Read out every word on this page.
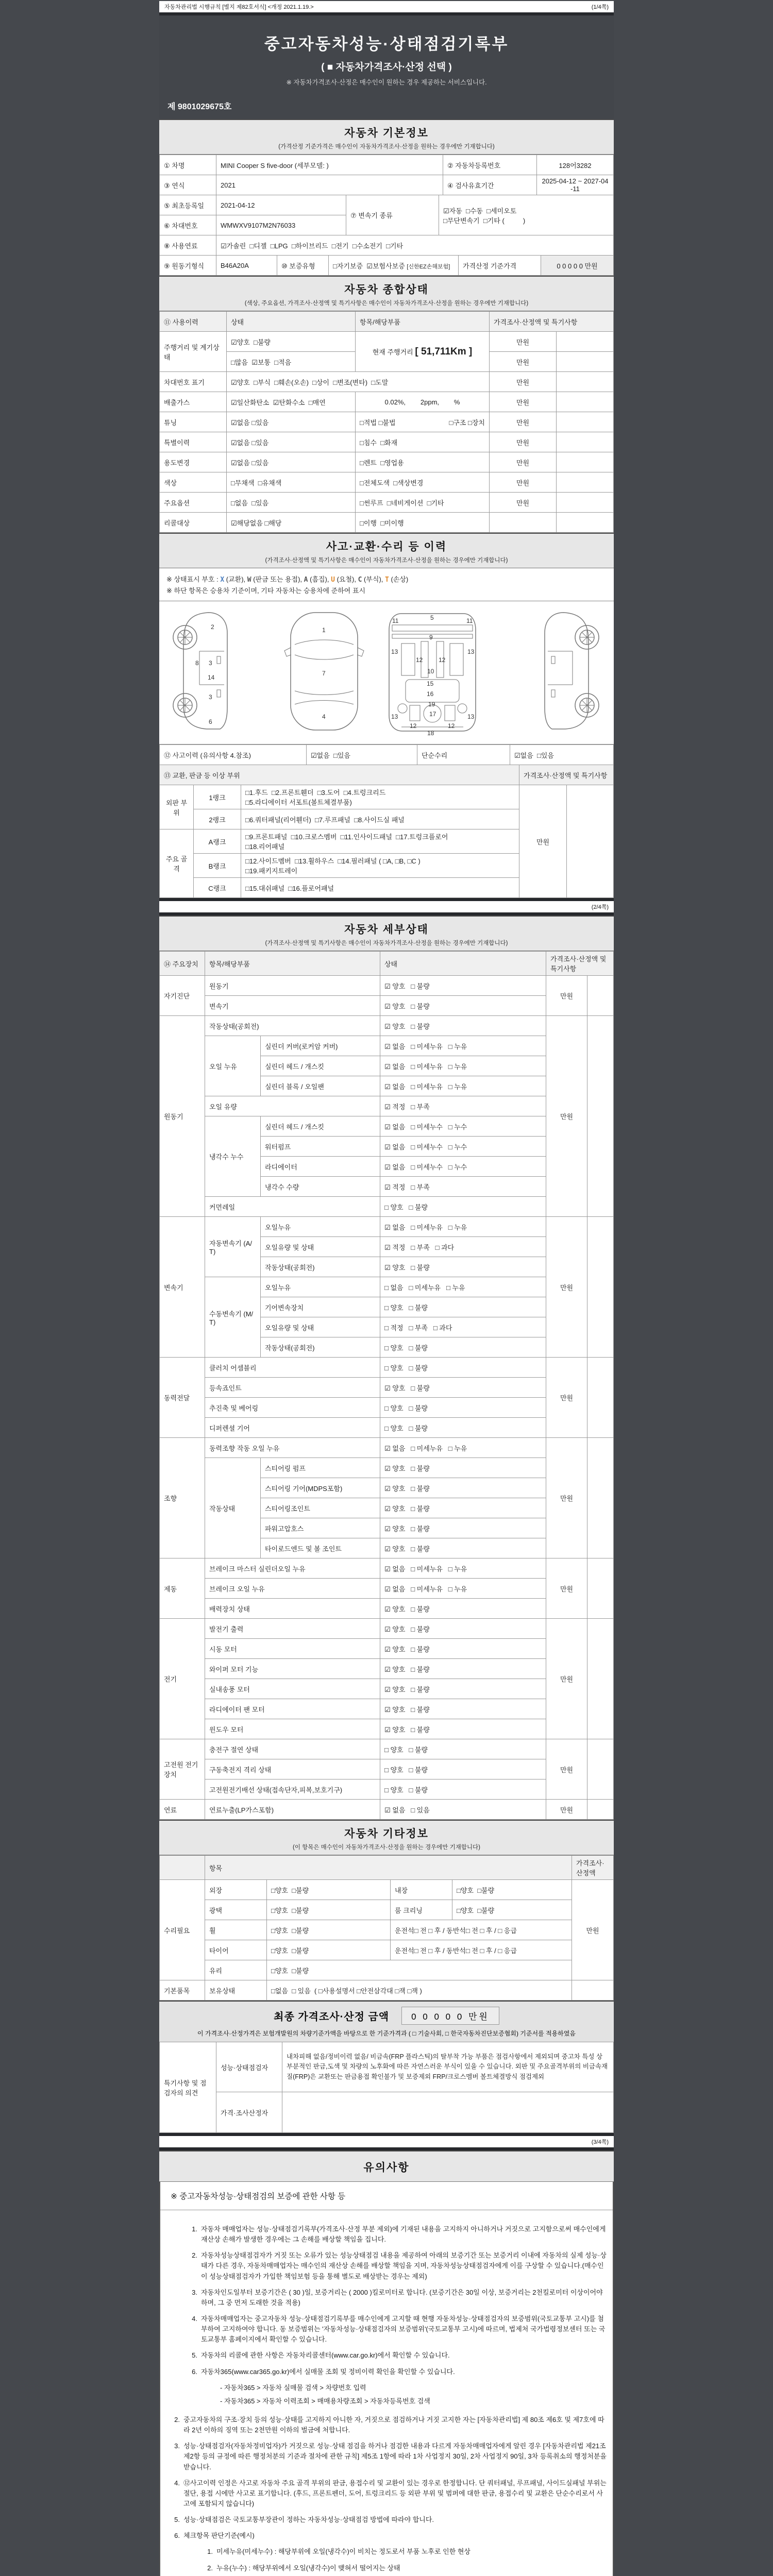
자동차관리법 시행규칙 [별지 제82호서식] <개정 2021.1.19.>	(1/4쪽)
중고자동차성능·상태점검기록부
( ■ 자동차가격조사·산정 선택 )
※ 자동차가격조사·산정은 매수인이 원하는 경우 제공하는 서비스입니다.
제 9801029675호
자동차 기본정보
(가격산정 기준가격은 매수인이 자동차가격조사·산정을 원하는 경우에만 기재합니다)
① 차명	MINI Cooper S five-door (세부모델: )	② 자동차등록번호	128어3282
③ 연식	2021	④ 검사유효기간	2025-04-12 ~ 2027-04-11
⑤ 최초등록일	2021-04-12	⑦ 변속기 종류	☑자동  □수동  □세미오토
□무단변속기  □기타 (          )
⑥ 차대번호	WMWXV9107M2N76033		
⑧ 사용연료	☑가솔린  □디젤  □LPG  □하이브리드  □전기  □수소전기  □기타
⑨ 원동기형식	B46A20A	⑩ 보증유형	□자기보증  ☑보험사보증 [신한EZ손해보험]	가격산정 기준가격	0 0 0 0 0 만원
자동차 종합상태
(색상, 주요옵션, 가격조사·산정액 및 특기사항은 매수인이 자동차가격조사·산정을 원하는 경우에만 기재합니다)
⑪ 사용이력	상태	항목/해당부품	가격조사·산정액 및 특기사항	
주행거리 및 계기상태	☑양호  □불량	현재 주행거리 [ 51,711Km ]	만원	
	□많음  ☑보통  □적음		만원	
차대번호 표기	☑양호  □부식  □훼손(오손)  □상이  □변조(변타)  □도말		만원	
배출가스	☑일산화탄소  ☑탄화수소  □매연	0.02%,        2ppm,        %	만원	
튜닝	☑없음 □있음	□적법 □불법 □구조 □장치	만원	
특별이력	☑없음 □있음	□침수  □화재	만원	
용도변경	☑없음 □있음	□렌트  □영업용	만원	
색상	□무채색  □유채색	□전체도색  □색상변경	만원	
주요옵션	□없음  □있음	□썬루프  □네비게이션  □기타	만원	
리콜대상	☑해당없음 □해당	□이행  □미이행		
사고·교환·수리 등 이력
(가격조사·산정액 및 특기사항은 매수인이 자동차가격조사·산정을 원하는 경우에만 기재합니다)
※ 상태표시 부호 : X (교환), W (판금 또는 용접), A (흠집), U (요철), C (부식), T (손상)
※ 하단 항목은 승용차 기준이며, 기타 자동차는 승용차에 준하여 표시
2
8 3
14
3
6
1
7
4
5
11	11
9
13	13
12	12
10
15
16
19
13	13
12	12
17
18
⑫ 사고이력 (유의사항 4.참조)	☑없음  □있음	단순수리	☑없음  □있음
⑬ 교환, 판금 등 이상 부위			가격조사·산정액 및 특기사항	
외판 부위	1랭크	□1.후드  □2.프론트휀더  □3.도어  □4.트렁크리드
□5.라디에이터 서포트(볼트체결부품)	만원	
	2랭크	□6.쿼터패널(리어휀더)  □7.루프패널  □8.사이드실 패널		
주요 골격	A랭크	□9.프론트패널  □10.크로스멤버  □11.인사이드패널  □17.트렁크플로어
□18.리어패널		
	B랭크	□12.사이드멤버  □13.휠하우스  □14.필러패널 ( □A, □B, □C )
□19.패키지트레이		
	C랭크	□15.대쉬패널  □16.플로어패널		
(2/4쪽)
자동차 세부상태
(가격조사·산정액 및 특기사항은 매수인이 자동차가격조사·산정을 원하는 경우에만 기재합니다)
⑭ 주요장치	항목/해당부품		상태	가격조사·산정액 및 특기사항	
자기진단	원동기		☑ 양호   □ 불량	만원	
	변속기		☑ 양호   □ 불량		
원동기	작동상태(공회전)		☑ 양호   □ 불량	만원	
	오일 누유	실린더 커버(로커암 커버)	☑ 없음   □ 미세누유   □ 누유		
		실린더 헤드 / 개스킷	☑ 없음   □ 미세누유   □ 누유		
		실린더 블록 / 오일팬	☑ 없음   □ 미세누유   □ 누유		
	오일 유량		☑ 적정   □ 부족		
	냉각수 누수	실린더 헤드 / 개스킷	☑ 없음   □ 미세누수   □ 누수		
		워터펌프	☑ 없음   □ 미세누수   □ 누수		
		라디에이터	☑ 없음   □ 미세누수   □ 누수		
		냉각수 수량	☑ 적정   □ 부족		
	커먼레일		□ 양호   □ 불량		
변속기	자동변속기 (A/T)	오일누유	☑ 없음   □ 미세누유   □ 누유	만원	
		오일유량 및 상태	☑ 적정   □ 부족   □ 과다		
		작동상태(공회전)	☑ 양호   □ 불량		
	수동변속기 (M/T)	오일누유	□ 없음   □ 미세누유   □ 누유		
		기어변속장치	□ 양호   □ 불량		
		오일유량 및 상태	□ 적정   □ 부족   □ 과다		
		작동상태(공회전)	□ 양호   □ 불량		
동력전달	클러치 어셈블리		□ 양호   □ 불량	만원	
	등속죠인트		☑ 양호   □ 불량		
	추진축 및 베어링		□ 양호   □ 불량		
	디퍼렌셜 기어		□ 양호   □ 불량		
조향	동력조향 작동 오일 누유		☑ 없음   □ 미세누유   □ 누유	만원	
	작동상태	스티어링 펌프	☑ 양호   □ 불량		
		스티어링 기어(MDPS포함)	☑ 양호   □ 불량		
		스티어링조인트	☑ 양호   □ 불량		
		파워고압호스	☑ 양호   □ 불량		
		타이로드엔드 및 볼 조인트	☑ 양호   □ 불량		
제동	브레이크 마스터 실린더오일 누유		☑ 없음   □ 미세누유   □ 누유	만원	
	브레이크 오일 누유		☑ 없음   □ 미세누유   □ 누유		
	배력장치 상태		☑ 양호   □ 불량		
전기	발전기 출력		☑ 양호   □ 불량	만원	
	시동 모터		☑ 양호   □ 불량		
	와이퍼 모터 기능		☑ 양호   □ 불량		
	실내송풍 모터		☑ 양호   □ 불량		
	라디에이터 팬 모터		☑ 양호   □ 불량		
	윈도우 모터		☑ 양호   □ 불량		
고전원 전기장치	충전구 절연 상태		□ 양호   □ 불량	만원	
	구동축전지 격리 상태		□ 양호   □ 불량		
	고전원전기배선 상태(접속단자,피복,보호기구)		□ 양호   □ 불량		
연료	연료누출(LP가스포함)		☑ 없음   □ 있음	만원	
자동차 기타정보
(이 항목은 매수인이 자동차가격조사·산정을 원하는 경우에만 기재합니다)
	항목				가격조사·산정액
수리필요	외장	□양호  □불량	내장	□양호  □불량	만원
	광택	□양호  □불량	룸 크리닝	□양호  □불량	
	휠	□양호  □불량	운전석□ 전 □ 후 / 동반석□ 전 □ 후 / □ 응급		
	타이어	□양호  □불량	운전석□ 전 □ 후 / 동반석□ 전 □ 후 / □ 응급		
	유리	□양호  □불량			
기본품목	보유상태	□없음  □ 있음  ( □사용설명서 □안전삼각대 □잭 □잭 )			
최종 가격조사·산정 금액	0 0 0 0 0 만원
이 가격조사·산정가격은 보험개발원의 차량기준가액을 바탕으로 한 기준가격과 ( □ 기술사회, □ 한국자동차진단보증협회) 기준서를 적용하였음
특기사항 및 점검자의 의견	성능·상태점검자	내차피해 없음/정비이력 없음/ 비금속(FRP 플라스틱)의 탈부착 가능 부품은 점검사항에서 제외되며 중고차 특성 상 부분적인 판금,도색 및 차량의 노후화에 따른 자연스러운 부식이 있을 수 있습니다. 외판 및 주요골격부위의 비금속재질(FRP)은 교환또는 판금용접 확인불가 및 보증제외 FRP/크로스멤버 볼트체결방식 점검제외
	가격·조사산정자	
(3/4쪽)
유의사항
※ 중고자동차성능·상태점검의 보증에 관한 사항 등
1. 자동차 매매업자는 성능·상태점검기록부(가격조사·산정 부분 제외)에 기재된 내용을 고지하지 아니하거나 거짓으로 고지함으로써 매수인에게 재산상 손해가 발생한 경우에는 그 손해를 배상할 책임을 집니다.
2. 자동차성능상태점검자가 거짓 또는 오류가 있는 성능상태점검 내용을 제공하여 아래의 보증기간 또는 보증거리 이내에 자동차의 실제 성능·상태가 다른 경우, 자동차매매업자는 매수인의 재산상 손해를 배상할 책임을 지며, 자동차성능상태점검자에게 이를 구상할 수 있습니다.(매수인이 성능상태점검자가 가입한 책임보험 등을 통해 별도로 배상받는 경우는 제외)
3. 자동차인도일부터 보증기간은 ( 30 )일, 보증거리는 ( 2000 )킬로미터로 합니다. (보증기간은 30일 이상, 보증거리는 2천킬로미터 이상이어야 하며, 그 중 먼저 도래한 것을 적용)
4. 자동차매매업자는 중고자동차 성능·상태점검기록부를 매수인에게 고지할 때 현행 자동차성능·상태점검자의 보증범위(국토교통부 고시)를 첨부하여 고지하여야 합니다. 동 보증범위는 '자동차성능·상태점검자의 보증범위'(국토교통부 고시)에 따르며, 법제처 국가법령정보센터 또는 국토교통부 홈페이지에서 확인할 수 있습니다.
5. 자동차의 리콜에 관한 사항은 자동차리콜센터(www.car.go.kr)에서 확인할 수 있습니다.
6. 자동차365(www.car365.go.kr)에서 실매물 조회 및 정비이력 확인을 확인할 수 있습니다.
- 자동차365 > 자동차 실매물 검색 > 차량번호 입력
- 자동차365 > 자동차 이력조회 > 매매용차량조회 > 자동차등록번호 검색
2. 중고자동차의 구조·장치 등의 성능·상태를 고지하지 아니한 자, 거짓으로 점검하거나 거짓 고지한 자는 [자동차관리법] 제 80조 제6호 및 제7호에 따라 2년 이하의 징역 또는 2천만원 이하의 벌금에 처합니다.
3. 성능·상태점검자(자동차정비업자)가 거짓으로 성능·상태 점검을 하거나 점검한 내용과 다르게 자동차매매업자에게 알린 경우 [자동차관리법 제21조 제2항 등의 규정에 따른 행정처분의 기준과 절차에 관한 규칙] 제5조 1항에 따라 1차 사업정지 30일, 2차 사업정지 90일, 3차 등록취소의 행정처분을 받습니다.
4. ⑫사고이력 인정은 사고로 자동차 주요 골격 부위의 판금, 용접수리 및 교환이 있는 경우로 한정합니다. 단 쿼터패널, 루프패널, 사이드실패널 부위는 절단, 용접 시에만 사고로 표기합니다. (후드, 프론트펜더, 도어, 트렁크리드 등 외판 부위 및 범퍼에 대한 판금, 용접수리 및 교환은 단순수리로서 사고에 포함되지 않습니다)
5. 성능·상태점검은 국토교통부장관이 정하는 자동차성능·상태점검 방법에 따라야 합니다.
6. 체크항목 판단기준(예시)
1. 미세누유(미세누수) : 해당부위에 오일(냉각수)이 비치는 정도로서 부품 노후로 인한 현상
2. 누유(누수) : 해당부위에서 오일(냉각수)이 맺혀서 떨어지는 상태
